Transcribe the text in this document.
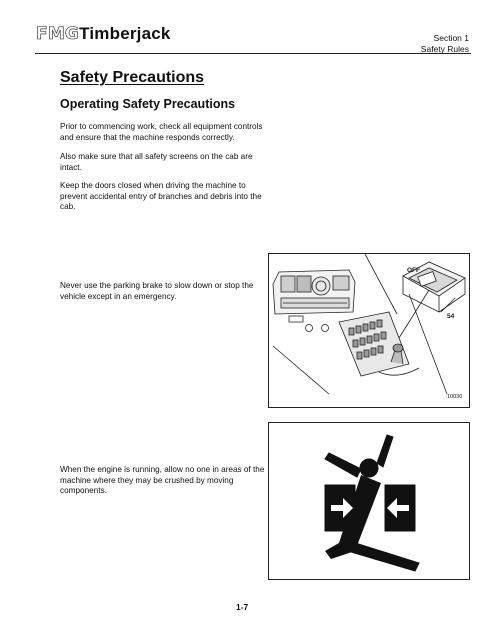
FMGTimberjack	Section 1
Safety Rules
Safety Precautions
Operating Safety Precautions
Prior to commencing work, check all equipment controls and ensure that the machine responds correctly.
Also make sure that all safety screens on the cab are intact.
Keep the doors closed when driving the machine to prevent accidental entry of branches and debris into the cab.
Never use the parking brake to slow down or stop the vehicle except in an emergency.
When the engine is running, allow no one in areas of the machine where they may be crushed by moving components.
OFF
54
10030
1-7
